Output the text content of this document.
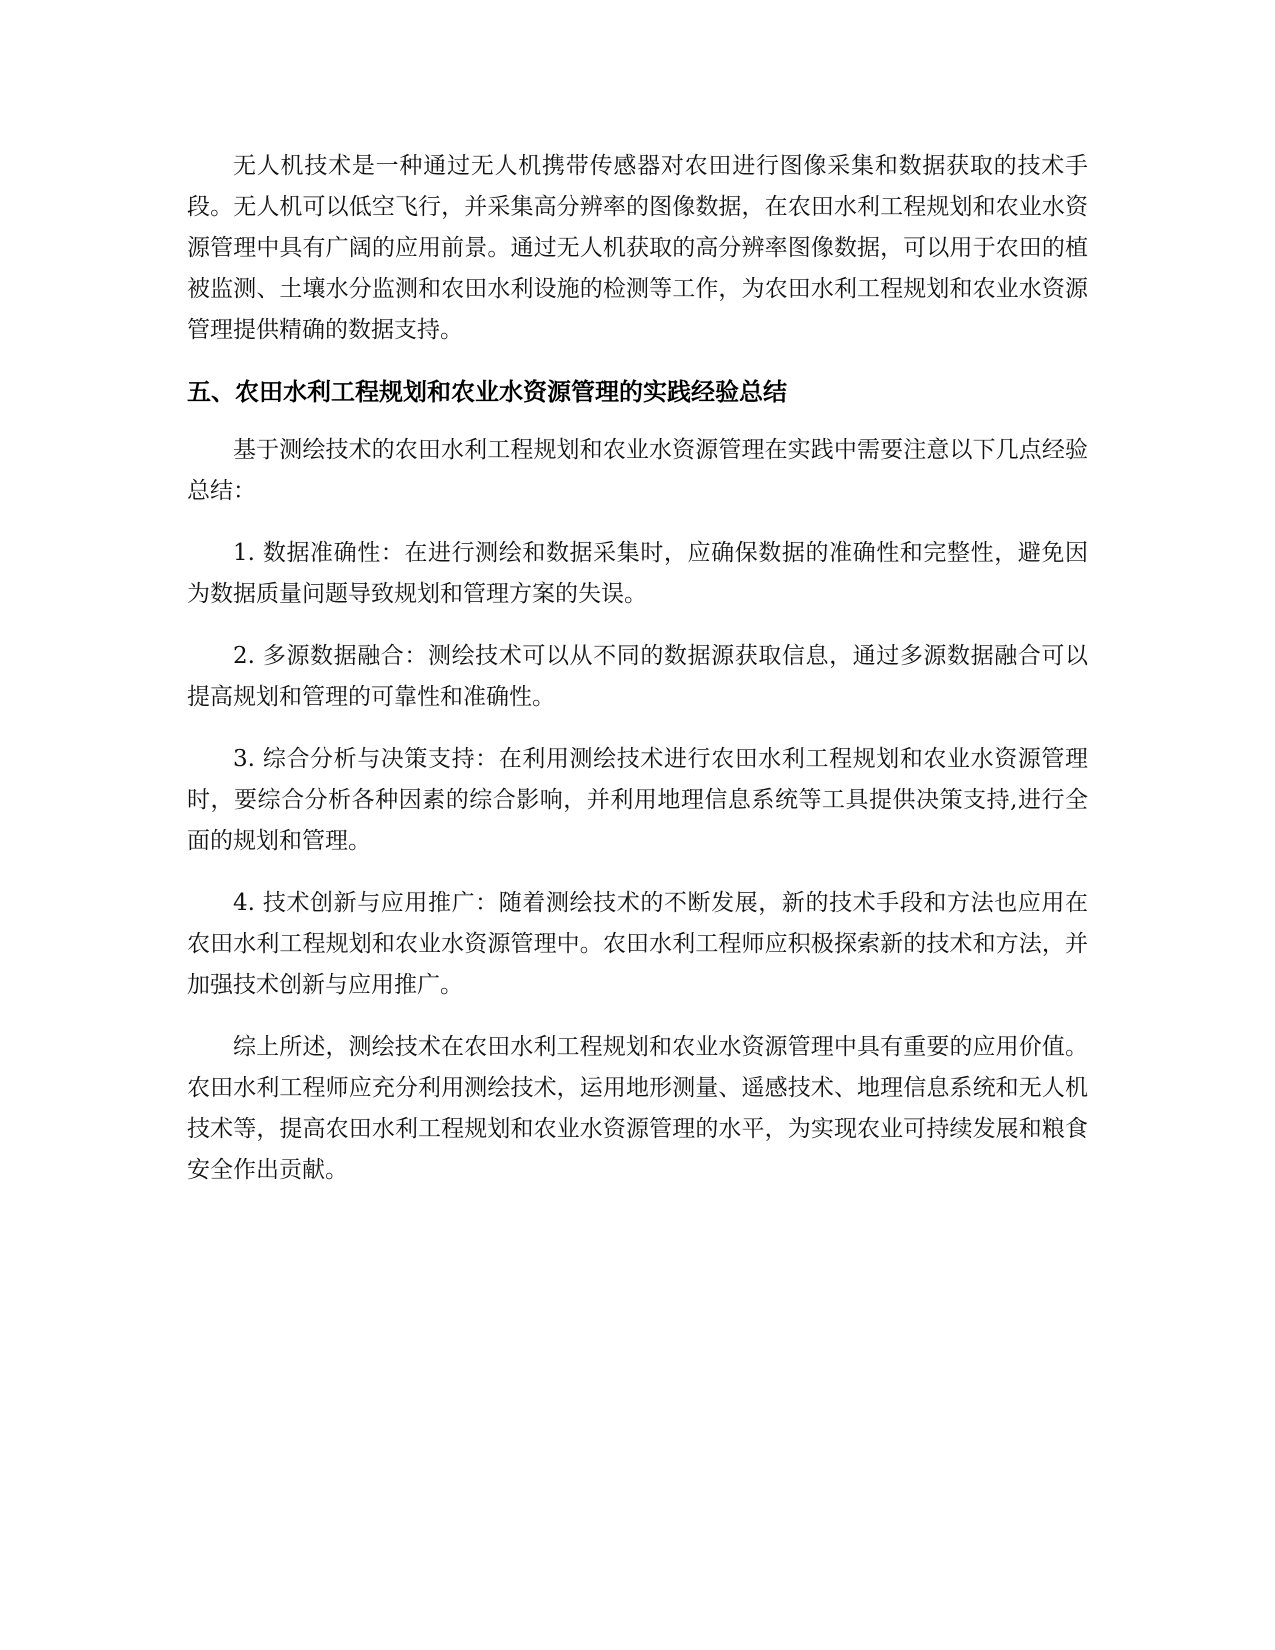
无人机技术是一种通过无人机携带传感器对农田进行图像采集和数据获取的技术手段。无人机可以低空飞行，并采集高分辨率的图像数据，在农田水利工程规划和农业水资源管理中具有广阔的应用前景。通过无人机获取的高分辨率图像数据，可以用于农田的植被监测、土壤水分监测和农田水利设施的检测等工作，为农田水利工程规划和农业水资源管理提供精确的数据支持。

五、农田水利工程规划和农业水资源管理的实践经验总结

基于测绘技术的农田水利工程规划和农业水资源管理在实践中需要注意以下几点经验总结：

1. 数据准确性：在进行测绘和数据采集时，应确保数据的准确性和完整性，避免因为数据质量问题导致规划和管理方案的失误。

2. 多源数据融合：测绘技术可以从不同的数据源获取信息，通过多源数据融合可以提高规划和管理的可靠性和准确性。

3. 综合分析与决策支持：在利用测绘技术进行农田水利工程规划和农业水资源管理时，要综合分析各种因素的综合影响，并利用地理信息系统等工具提供决策支持,进行全面的规划和管理。

4. 技术创新与应用推广：随着测绘技术的不断发展，新的技术手段和方法也应用在农田水利工程规划和农业水资源管理中。农田水利工程师应积极探索新的技术和方法，并加强技术创新与应用推广。

综上所述，测绘技术在农田水利工程规划和农业水资源管理中具有重要的应用价值。农田水利工程师应充分利用测绘技术，运用地形测量、遥感技术、地理信息系统和无人机技术等，提高农田水利工程规划和农业水资源管理的水平，为实现农业可持续发展和粮食安全作出贡献。
